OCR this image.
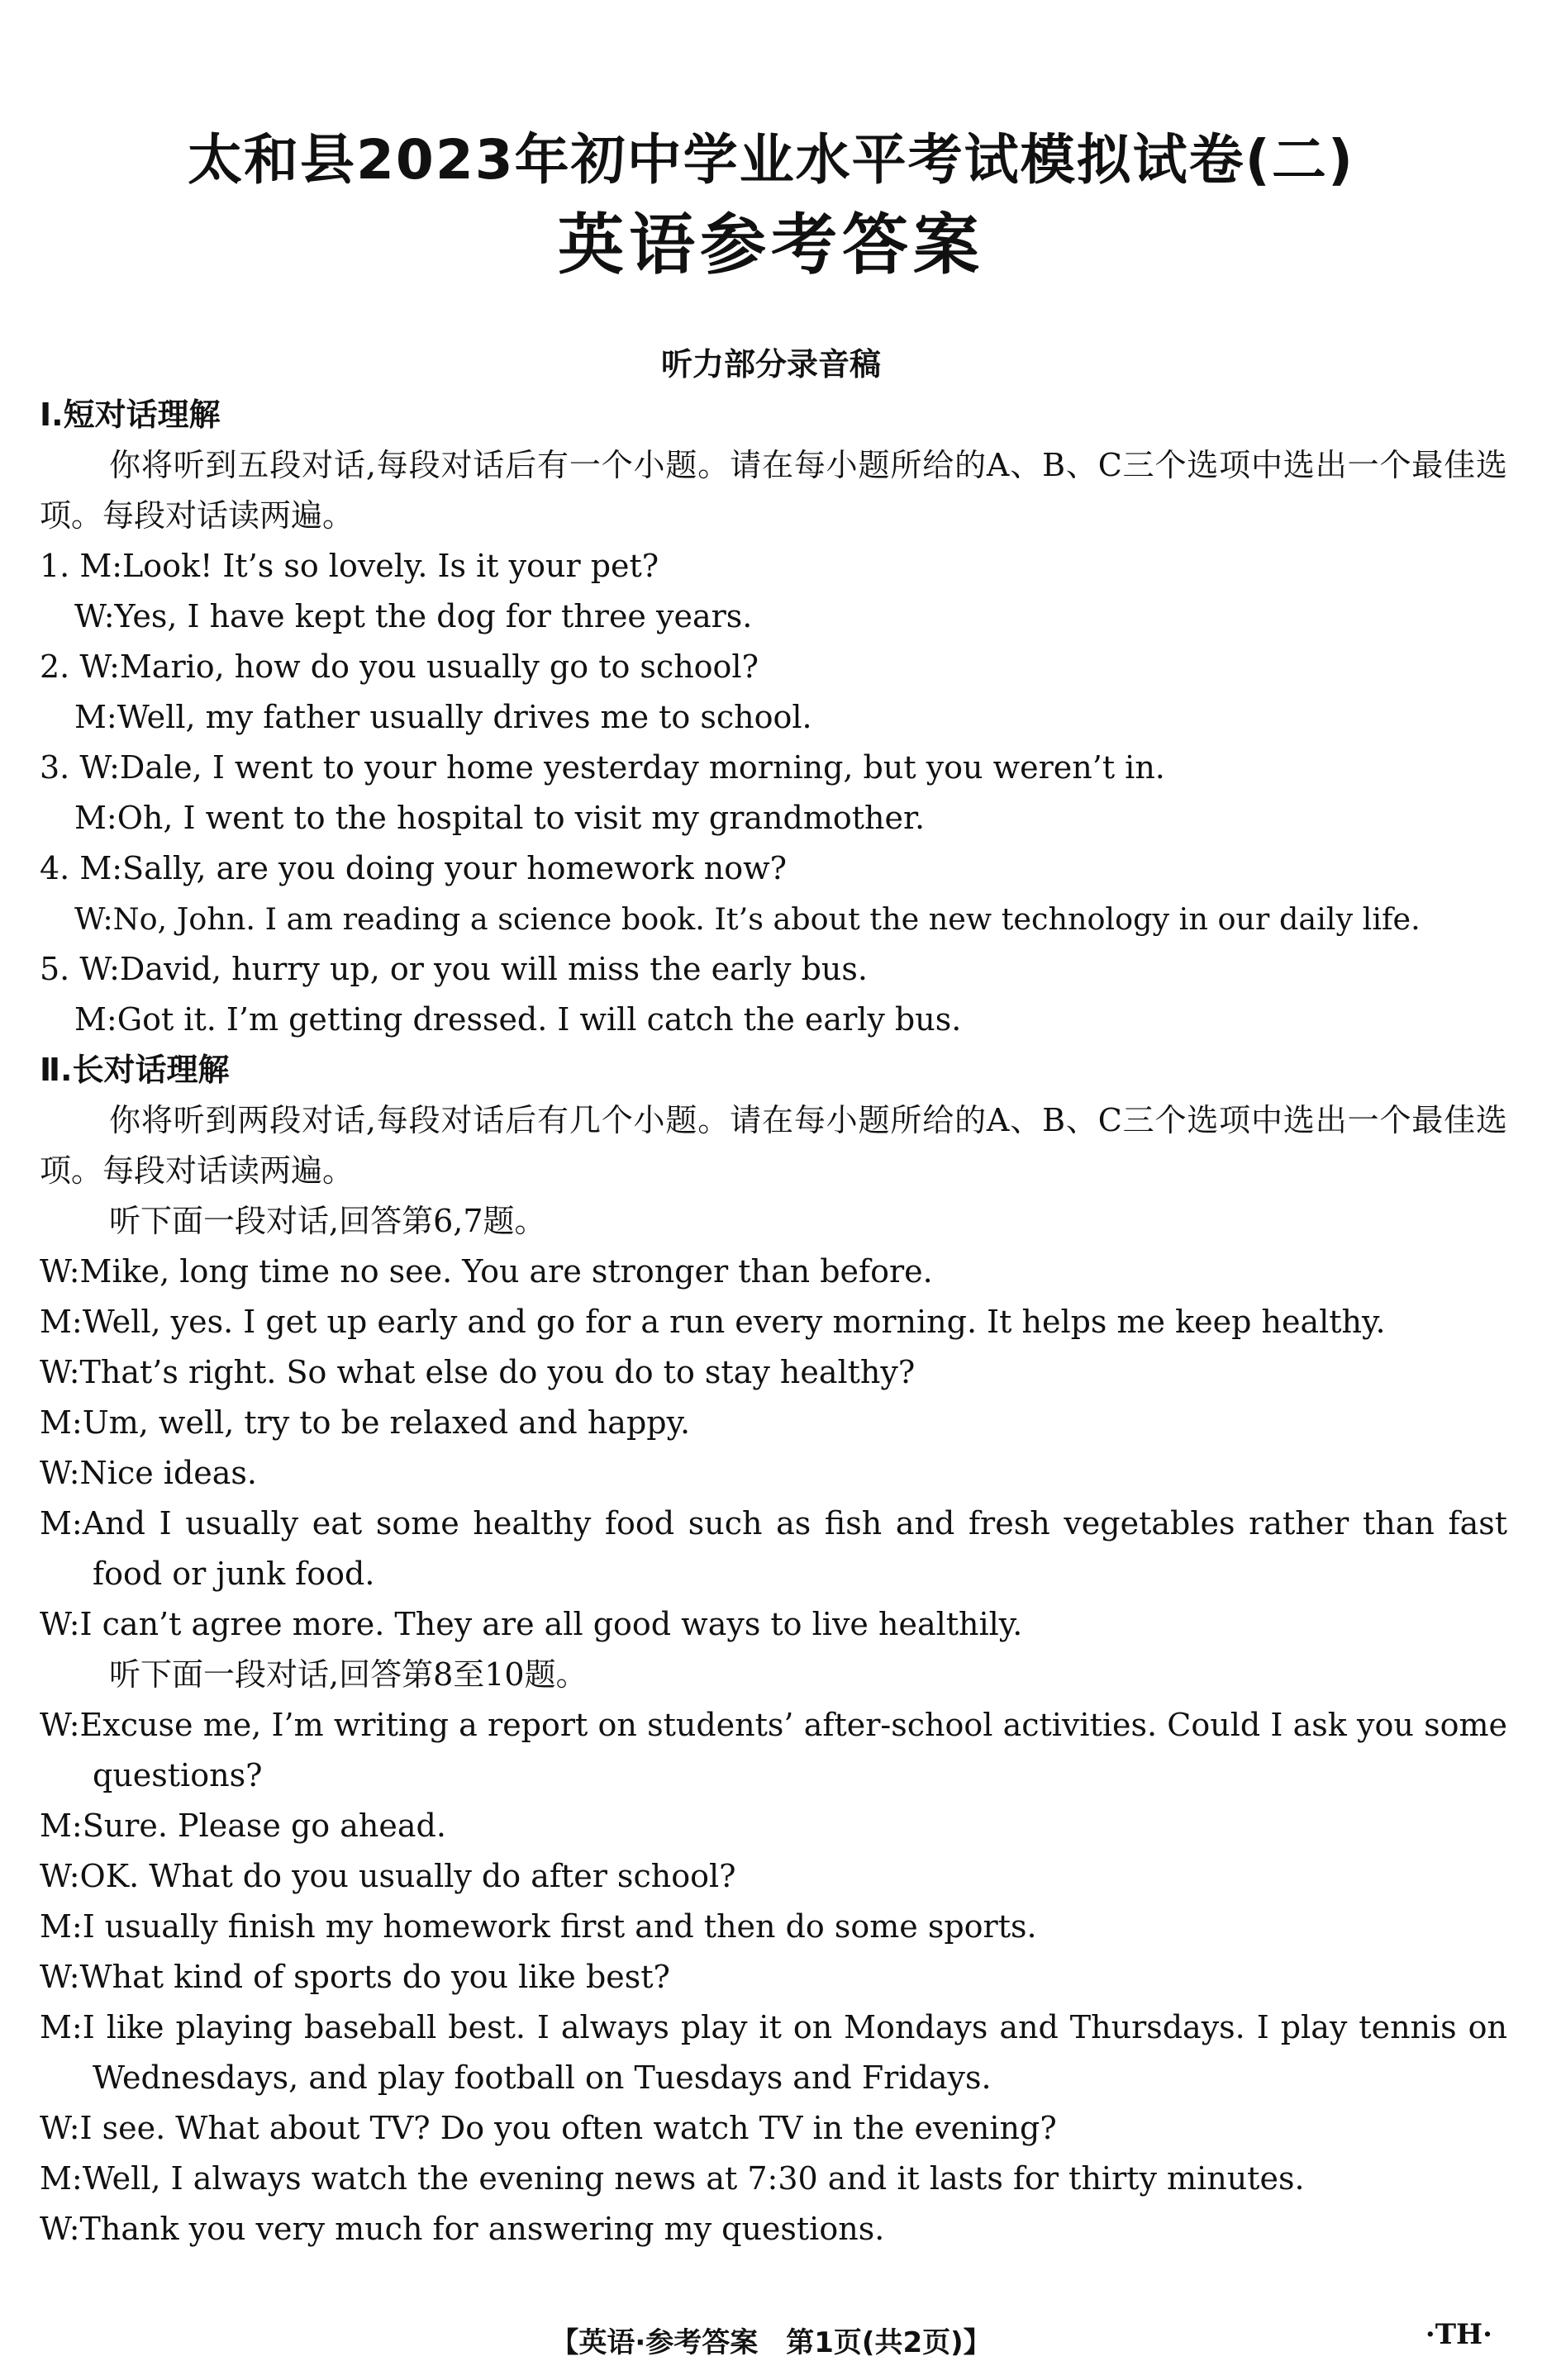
太和县2023年初中学业水平考试模拟试卷(二)
英语参考答案
听力部分录音稿
Ⅰ.短对话理解
你将听到五段对话,每段对话后有一个小题。请在每小题所给的A、B、C三个选项中选出一个最佳选项。每段对话读两遍。
1. M:Look! It’s so lovely. Is it your pet?
W:Yes, I have kept the dog for three years.
2. W:Mario, how do you usually go to school?
M:Well, my father usually drives me to school.
3. W:Dale, I went to your home yesterday morning, but you weren’t in.
M:Oh, I went to the hospital to visit my grandmother.
4. M:Sally, are you doing your homework now?
W:No, John. I am reading a science book. It’s about the new technology in our daily life.
5. W:David, hurry up, or you will miss the early bus.
M:Got it. I’m getting dressed. I will catch the early bus.
Ⅱ.长对话理解
你将听到两段对话,每段对话后有几个小题。请在每小题所给的A、B、C三个选项中选出一个最佳选项。每段对话读两遍。
听下面一段对话,回答第6,7题。
W:Mike, long time no see. You are stronger than before.
M:Well, yes. I get up early and go for a run every morning. It helps me keep healthy.
W:That’s right. So what else do you do to stay healthy?
M:Um, well, try to be relaxed and happy.
W:Nice ideas.
M:And I usually eat some healthy food such as fish and fresh vegetables rather than fast food or junk food.
W:I can’t agree more. They are all good ways to live healthily.
听下面一段对话,回答第8至10题。
W:Excuse me, I’m writing a report on students’ after-school activities. Could I ask you some questions?
M:Sure. Please go ahead.
W:OK. What do you usually do after school?
M:I usually finish my homework first and then do some sports.
W:What kind of sports do you like best?
M:I like playing baseball best. I always play it on Mondays and Thursdays. I play tennis on Wednesdays, and play football on Tuesdays and Fridays.
W:I see. What about TV? Do you often watch TV in the evening?
M:Well, I always watch the evening news at 7:30 and it lasts for thirty minutes.
W:Thank you very much for answering my questions.
【英语·参考答案　第1页(共2页)】	·TH·
